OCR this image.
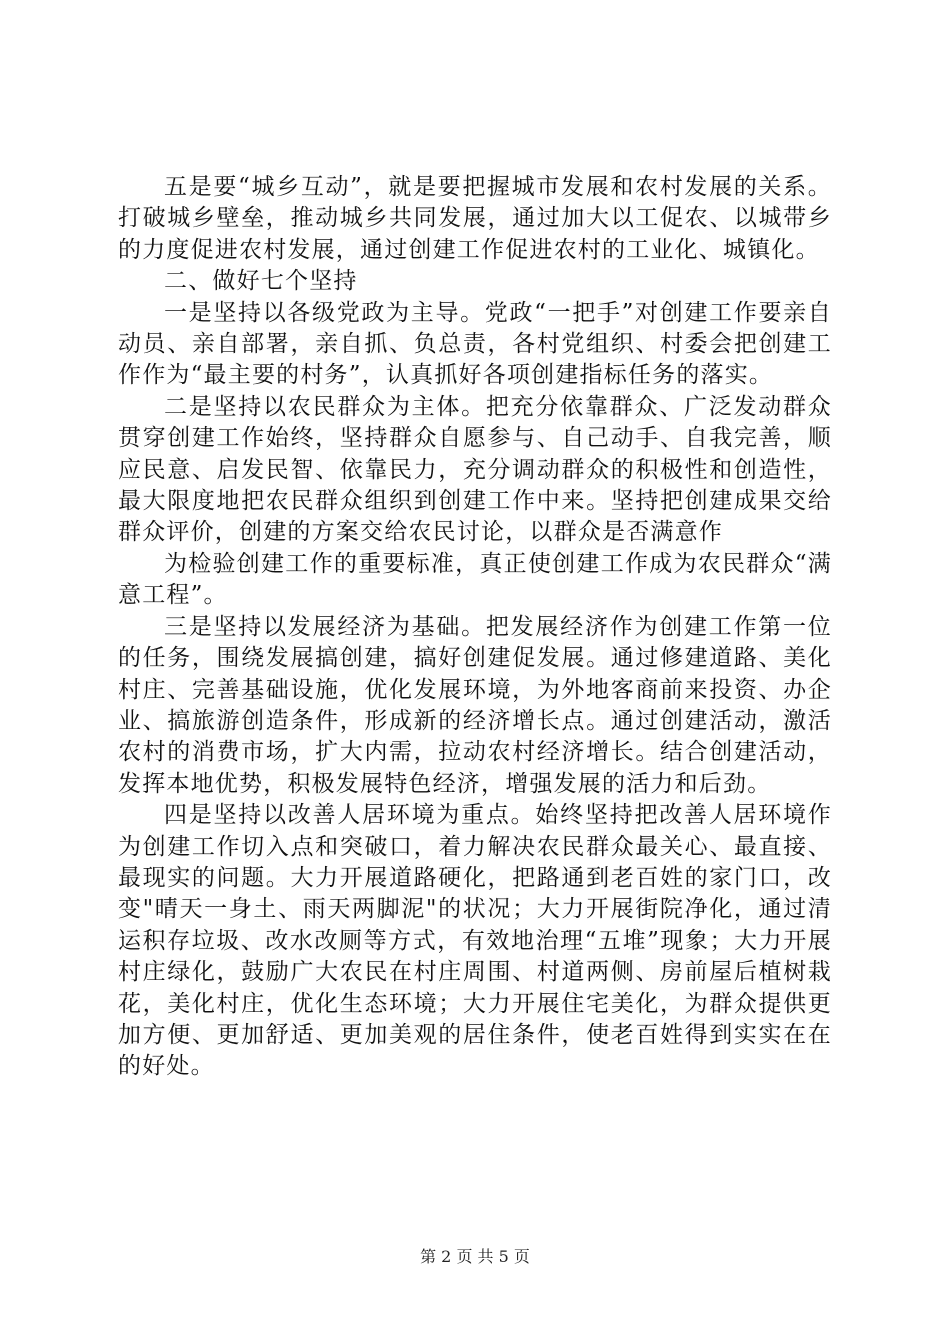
五是要“城乡互动”，就是要把握城市发展和农村发展的关系。打破城乡壁垒，推动城乡共同发展，通过加大以工促农、以城带乡的力度促进农村发展，通过创建工作促进农村的工业化、城镇化。

二、做好七个坚持

一是坚持以各级党政为主导。党政“一把手”对创建工作要亲自动员、亲自部署，亲自抓、负总责，各村党组织、村委会把创建工作作为“最主要的村务”，认真抓好各项创建指标任务的落实。

二是坚持以农民群众为主体。把充分依靠群众、广泛发动群众贯穿创建工作始终，坚持群众自愿参与、自己动手、自我完善，顺应民意、启发民智、依靠民力，充分调动群众的积极性和创造性，最大限度地把农民群众组织到创建工作中来。坚持把创建成果交给群众评价，创建的方案交给农民讨论，以群众是否满意作

为检验创建工作的重要标准，真正使创建工作成为农民群众“满意工程”。

三是坚持以发展经济为基础。把发展经济作为创建工作第一位的任务，围绕发展搞创建，搞好创建促发展。通过修建道路、美化村庄、完善基础设施，优化发展环境，为外地客商前来投资、办企业、搞旅游创造条件，形成新的经济增长点。通过创建活动，激活农村的消费市场，扩大内需，拉动农村经济增长。结合创建活动，发挥本地优势，积极发展特色经济，增强发展的活力和后劲。

四是坚持以改善人居环境为重点。始终坚持把改善人居环境作为创建工作切入点和突破口，着力解决农民群众最关心、最直接、最现实的问题。大力开展道路硬化，把路通到老百姓的家门口，改变"晴天一身土、雨天两脚泥"的状况；大力开展街院净化，通过清运积存垃圾、改水改厕等方式，有效地治理“五堆”现象；大力开展村庄绿化，鼓励广大农民在村庄周围、村道两侧、房前屋后植树栽花，美化村庄，优化生态环境；大力开展住宅美化，为群众提供更加方便、更加舒适、更加美观的居住条件，使老百姓得到实实在在的好处。

第 2 页 共 5 页
